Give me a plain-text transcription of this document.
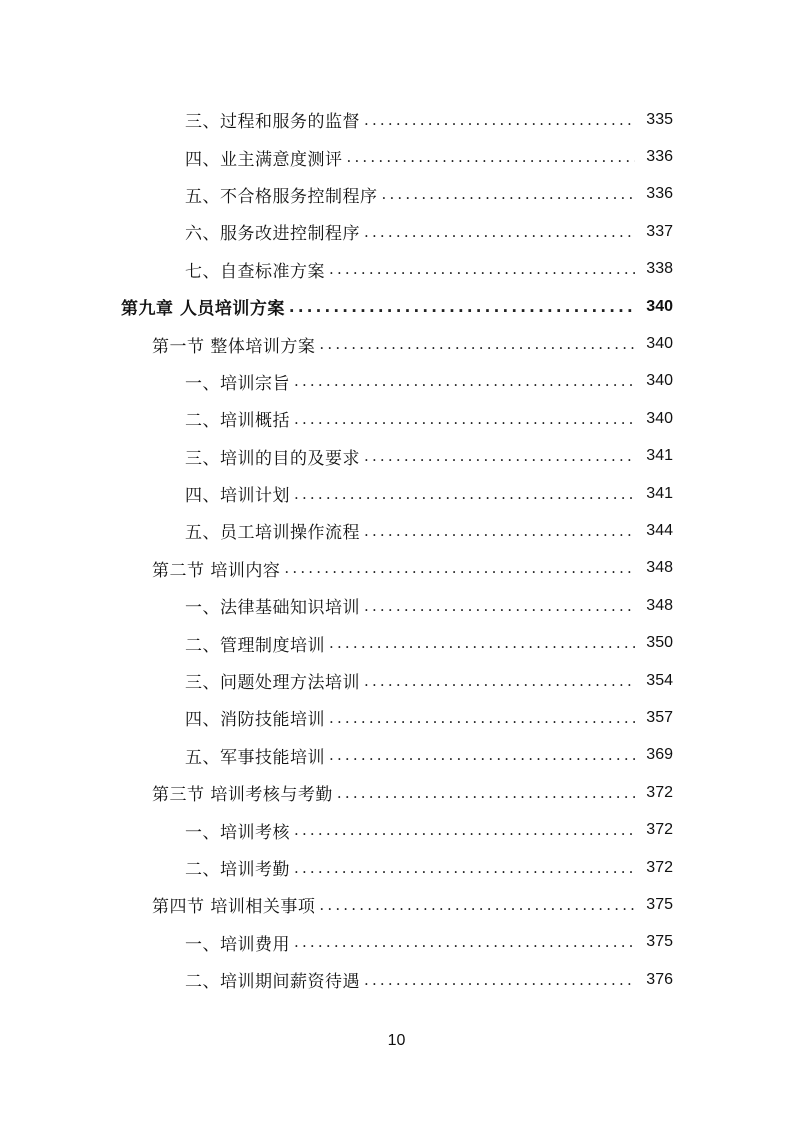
三、过程和服务的监督 .....	335
四、业主满意度测评 .....	336
五、不合格服务控制程序 .....	336
六、服务改进控制程序 .....	337
七、自查标准方案 .....	338
第九章 人员培训方案 .....	340
第一节 整体培训方案 .....	340
一、培训宗旨 .....	340
二、培训概括 .....	340
三、培训的目的及要求 .....	341
四、培训计划 .....	341
五、员工培训操作流程 .....	344
第二节 培训内容 .....	348
一、法律基础知识培训 .....	348
二、管理制度培训 .....	350
三、问题处理方法培训 .....	354
四、消防技能培训 .....	357
五、军事技能培训 .....	369
第三节 培训考核与考勤 .....	372
一、培训考核 .....	372
二、培训考勤 .....	372
第四节 培训相关事项 .....	375
一、培训费用 .....	375
二、培训期间薪资待遇 .....	376
10
